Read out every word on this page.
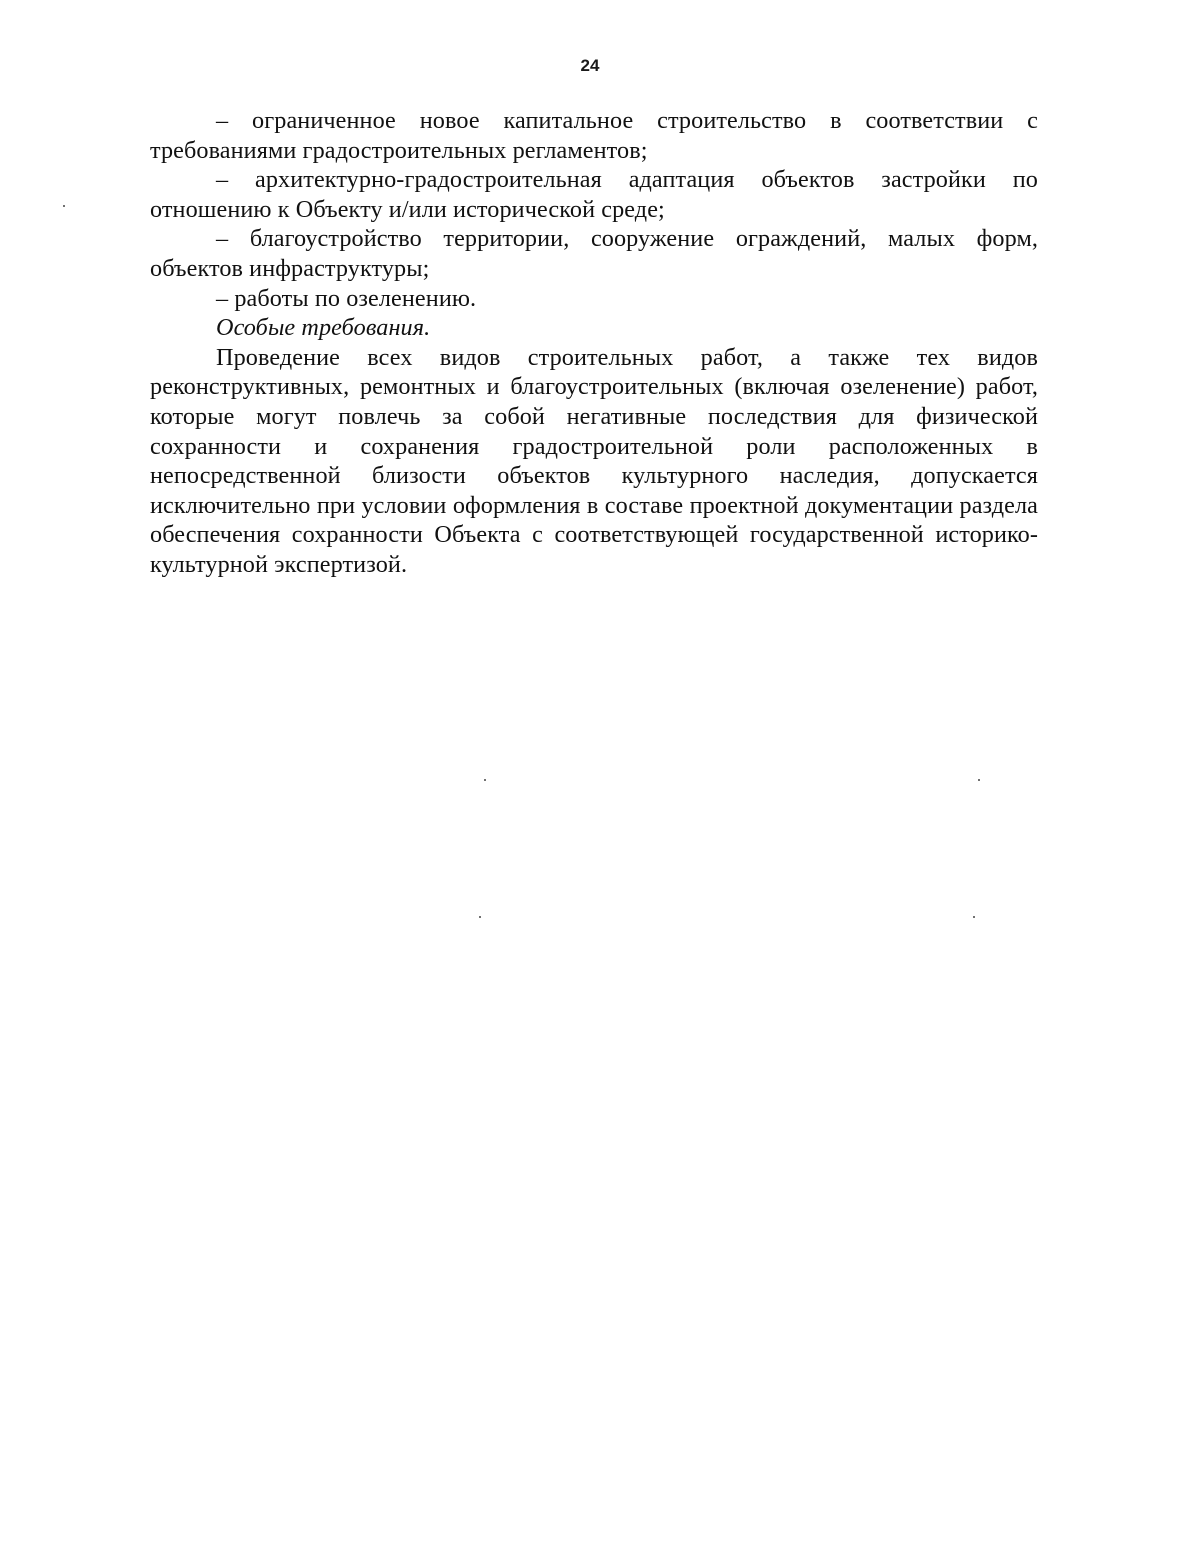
24

– ограниченное новое капитальное строительство в соответствии с требованиями градостроительных регламентов;

– архитектурно-градостроительная адаптация объектов застройки по отношению к Объекту и/или исторической среде;

– благоустройство территории, сооружение ограждений, малых форм, объектов инфраструктуры;

– работы по озеленению.

Особые требования.

Проведение всех видов строительных работ, а также тех видов реконструктивных, ремонтных и благоустроительных (включая озеленение) работ, которые могут повлечь за собой негативные последствия для физической сохранности и сохранения градостроительной роли расположенных в непосредственной близости объектов культурного наследия, допускается исключительно при условии оформления в составе проектной документации раздела обеспечения сохранности Объекта с соответствующей государственной историко-культурной экспертизой.
